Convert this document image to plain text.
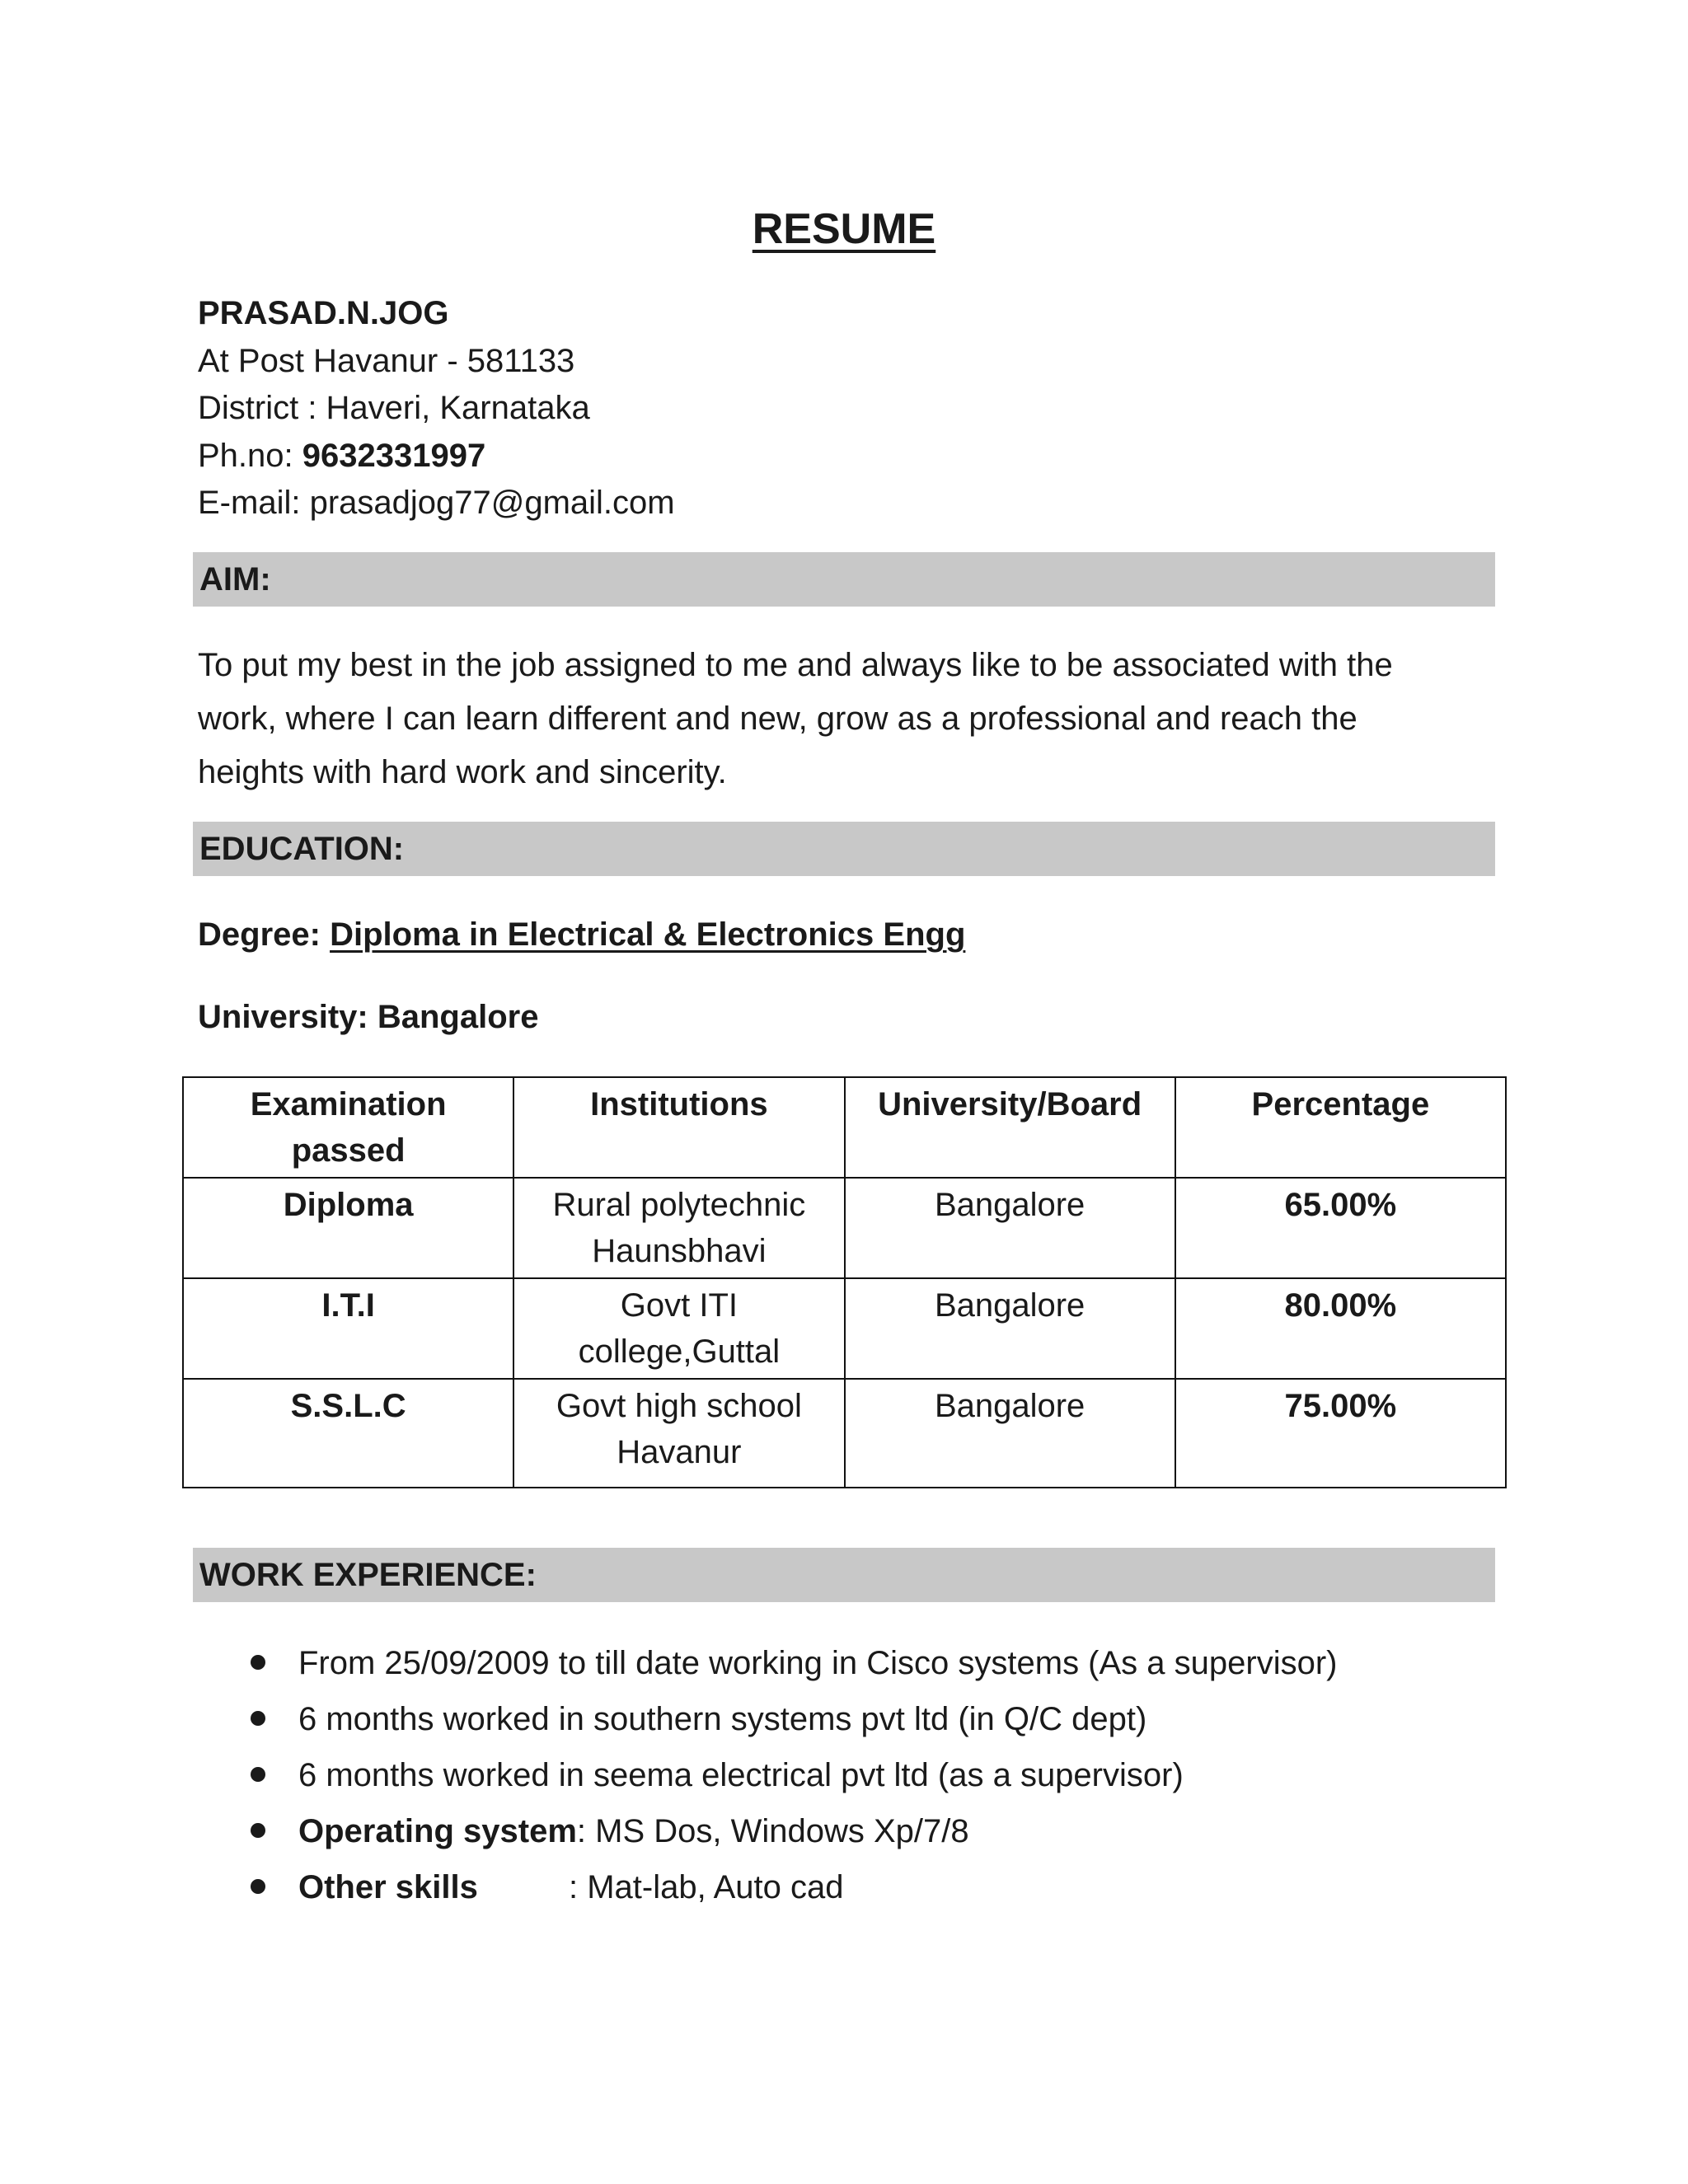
RESUME
PRASAD.N.JOG
At Post Havanur - 581133
District : Haveri, Karnataka
Ph.no: 9632331997
E-mail: prasadjog77@gmail.com
AIM:
To put my best in the job assigned to me and always like to be associated with the
work, where I can learn different and new, grow as a professional and reach the
heights with hard work and sincerity.
EDUCATION:
Degree: Diploma in Electrical & Electronics Engg
University: Bangalore
Examination passed	Institutions	University/Board	Percentage
Diploma	Rural polytechnic Haunsbhavi	Bangalore	65.00%
I.T.I	Govt ITI college,Guttal	Bangalore	80.00%
S.S.L.C	Govt high school Havanur	Bangalore	75.00%
WORK EXPERIENCE:
From 25/09/2009 to till date working in Cisco systems (As a supervisor)
6 months worked in southern systems pvt ltd (in Q/C dept)
6 months worked in seema electrical pvt ltd (as a supervisor)
Operating system: MS Dos, Windows Xp/7/8
Other skills	: Mat-lab, Auto cad
